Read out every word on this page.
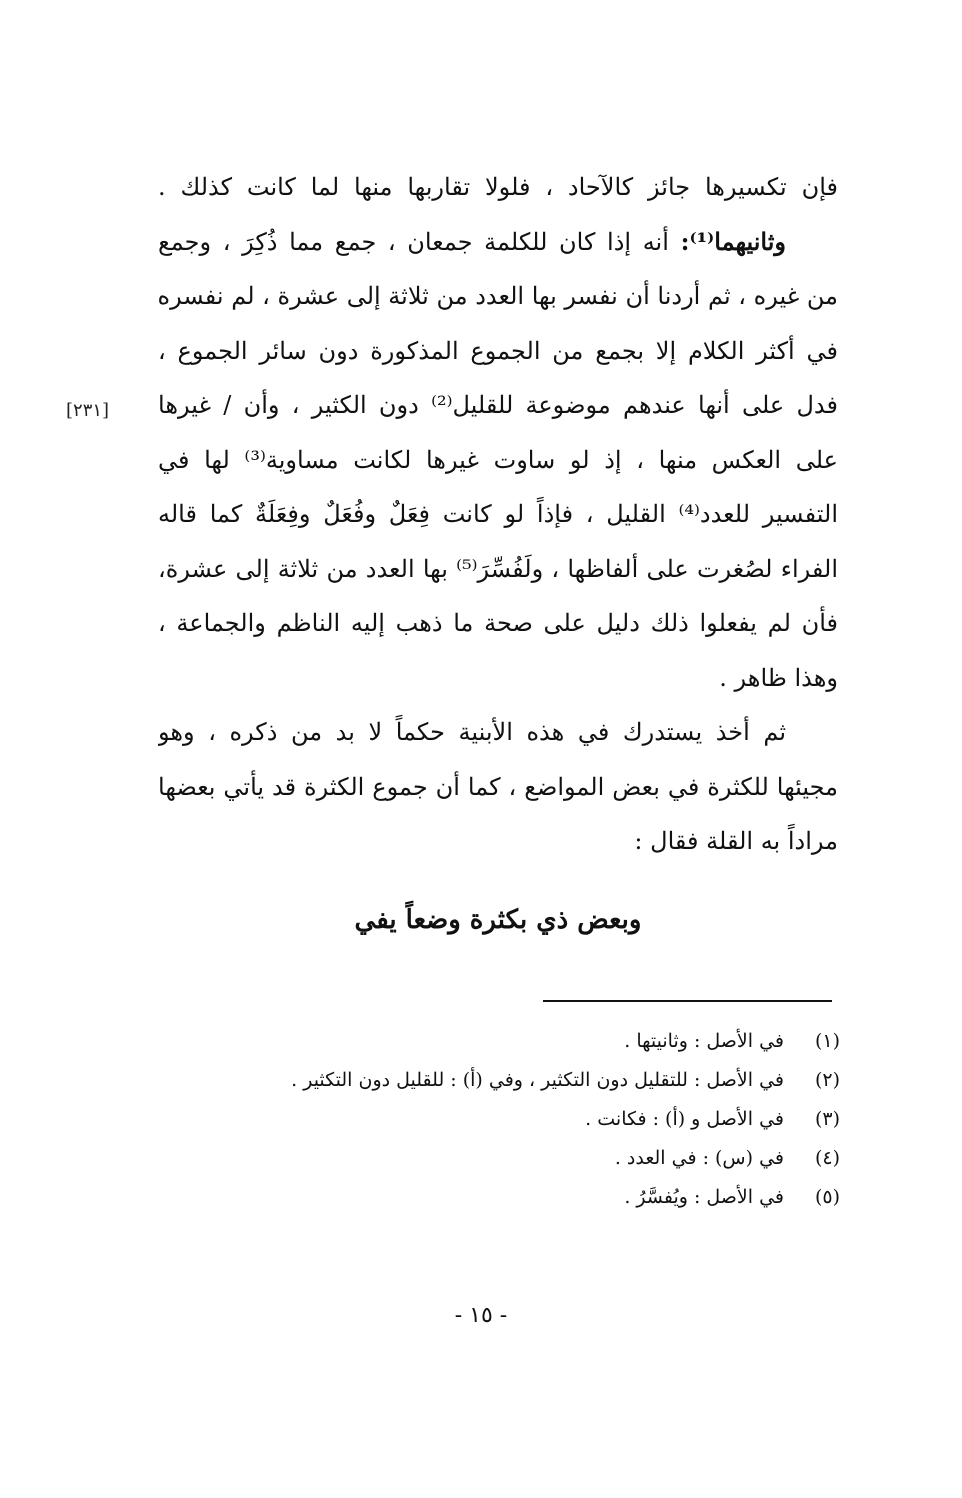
فإن تكسيرها جائز كالآحاد ، فلولا تقاربها منها لما كانت كذلك .
وثانيهما⁽¹⁾: أنه إذا كان للكلمة جمعان ، جمع مما ذُكِرَ ، وجمع
من غيره ، ثم أردنا أن نفسر بها العدد من ثلاثة إلى عشرة ، لم نفسره
في أكثر الكلام إلا بجمع من الجموع المذكورة دون سائر الجموع ،
فدل على أنها عندهم موضوعة للقليل⁽²⁾ دون الكثير ، وأن / غيرها
على العكس منها ، إذ لو ساوت غيرها لكانت مساوية⁽³⁾ لها في
التفسير للعدد⁽⁴⁾ القليل ، فإذاً لو كانت فِعَلٌ وفُعَلٌ وفِعَلَةٌ كما قاله
الفراء لصُغرت على ألفاظها ، ولَفُسِّرَ⁽⁵⁾ بها العدد من ثلاثة إلى عشرة،
فأن لم يفعلوا ذلك دليل على صحة ما ذهب إليه الناظم والجماعة ،
وهذا ظاهر .
ثم أخذ يستدرك في هذه الأبنية حكماً لا بد من ذكره ، وهو
مجيئها للكثرة في بعض المواضع ، كما أن جموع الكثرة قد يأتي بعضها
مراداً به القلة فقال :
[٢٣١]
وبعض ذي بكثرة وضعاً يفي
(١)
في الأصل : وثانيتها .
(٢)
في الأصل : للتقليل دون التكثير ، وفي (أ) : للقليل دون التكثير .
(٣)
في الأصل و (أ) : فكانت .
(٤)
في (س) : في العدد .
(٥)
في الأصل : ويُفسَّرُ .
- ١٥ -
